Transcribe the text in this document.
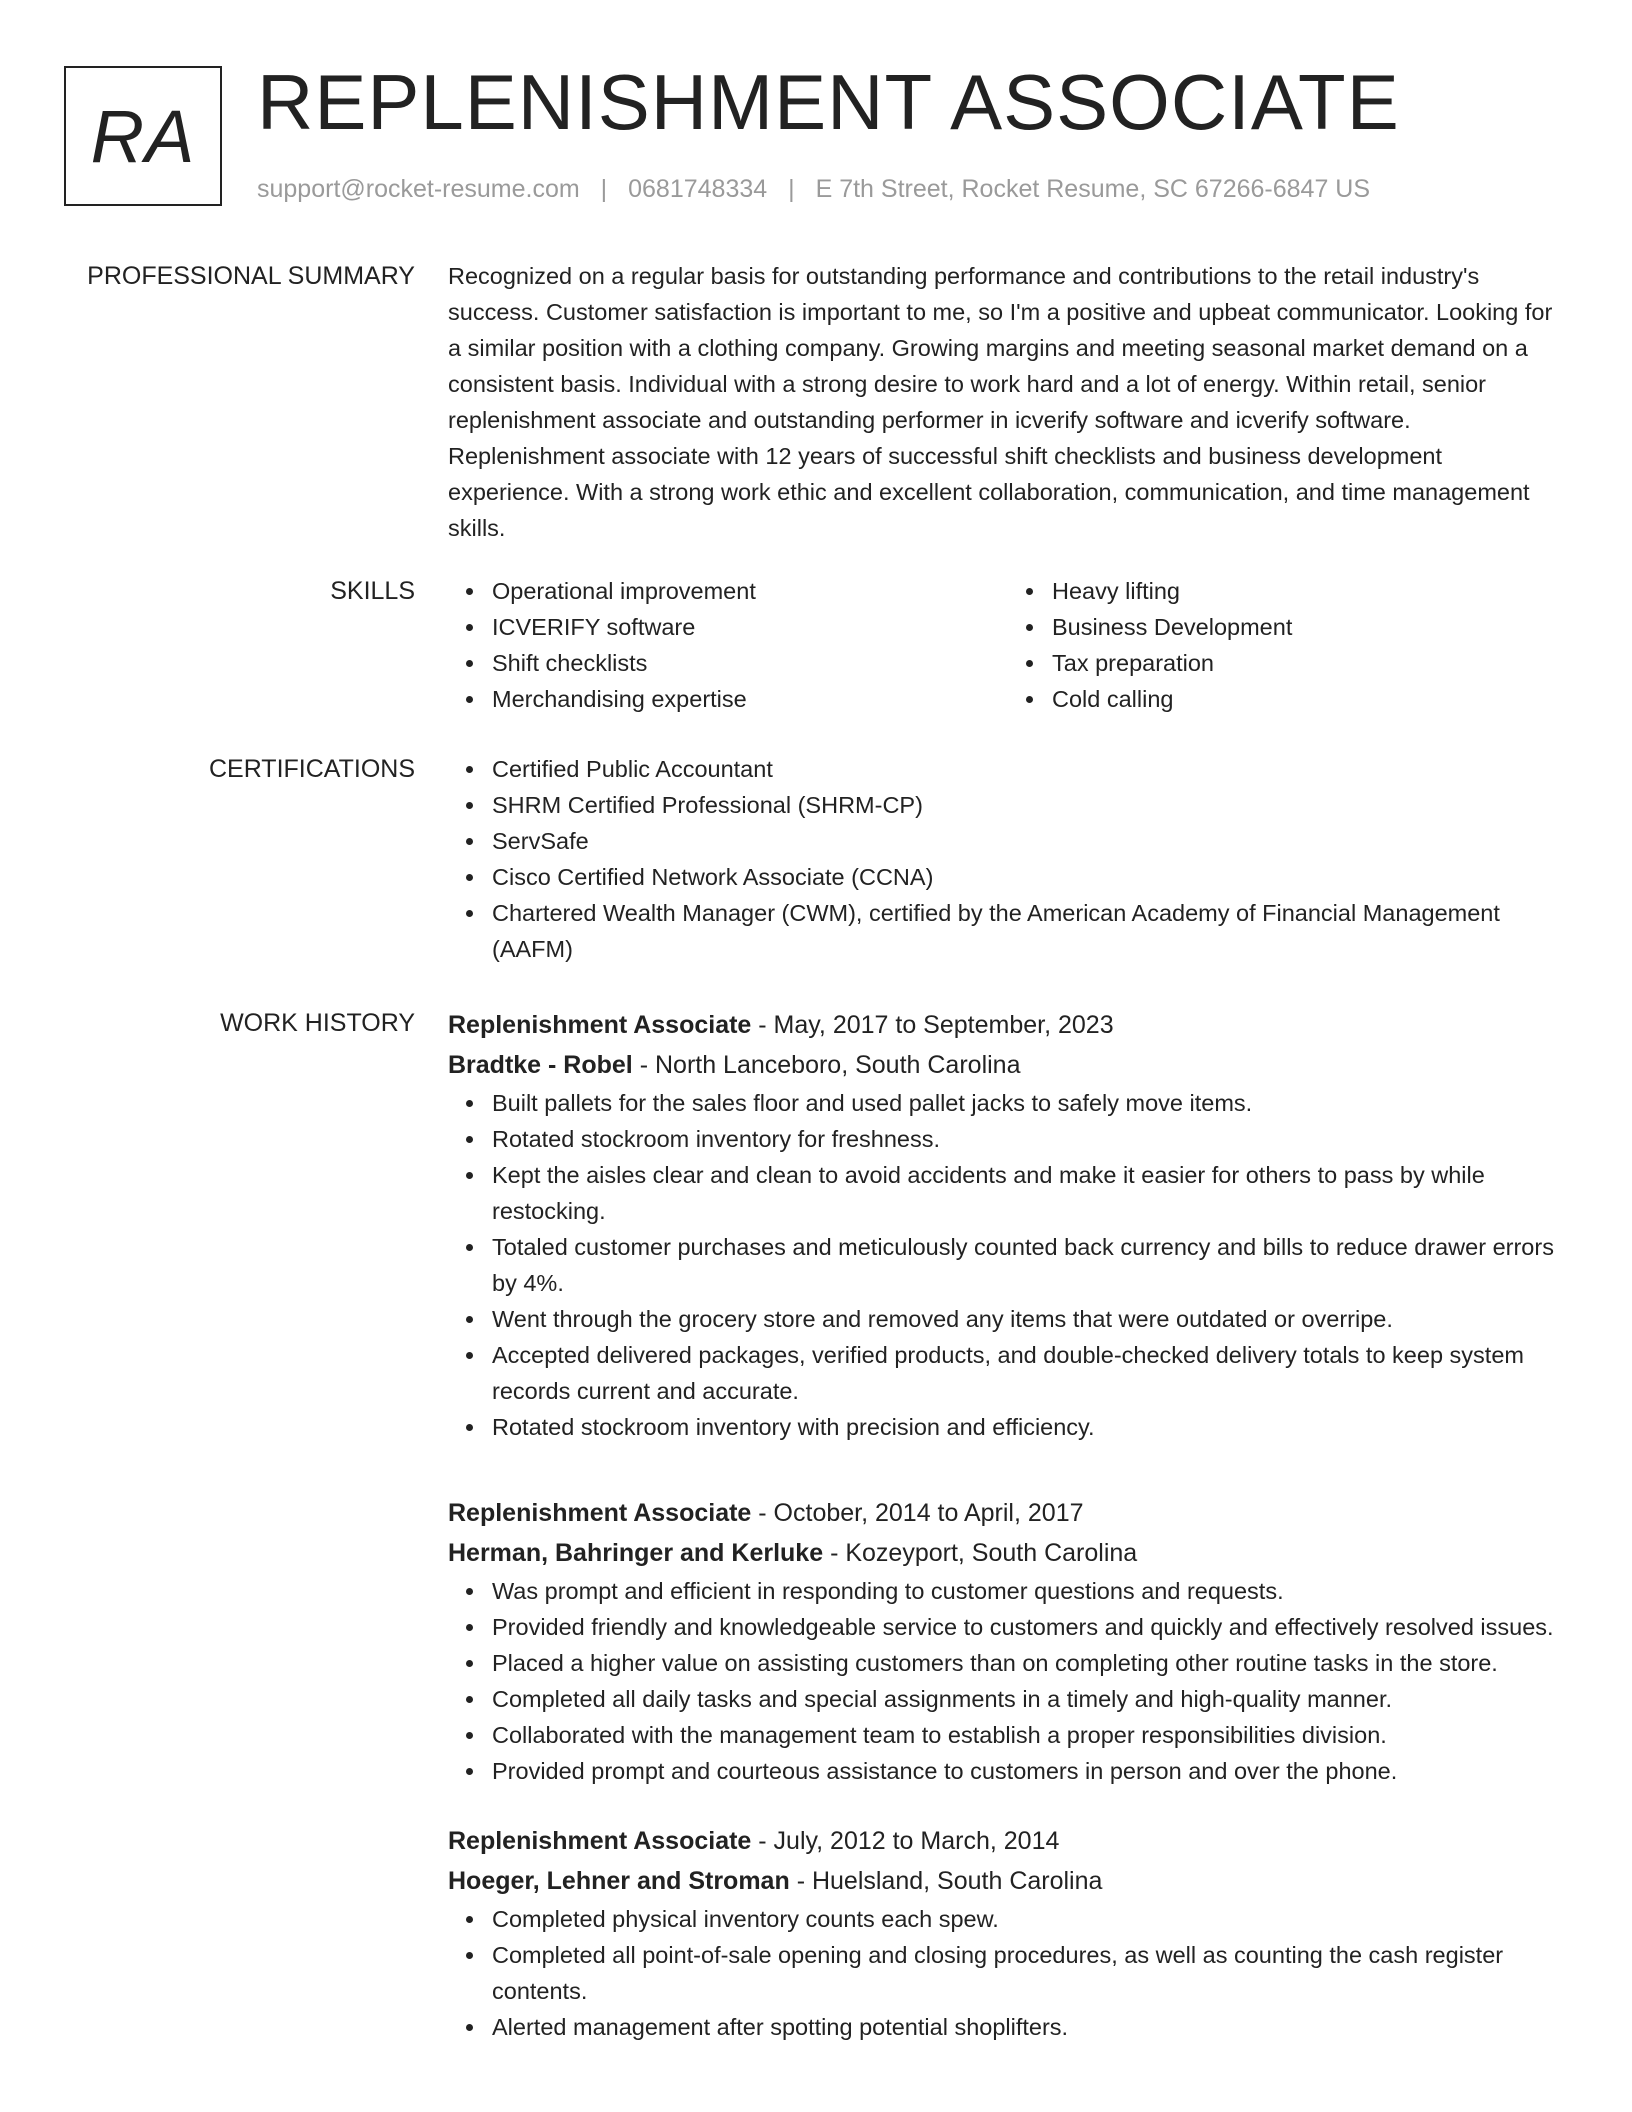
RA REPLENISHMENT ASSOCIATE
support@rocket-resume.com | 0681748334 | E 7th Street, Rocket Resume, SC 67266-6847 US
PROFESSIONAL SUMMARY Recognized on a regular basis for outstanding performance and contributions to the retail industry's success. Customer satisfaction is important to me, so I'm a positive and upbeat communicator. Looking for a similar position with a clothing company. Growing margins and meeting seasonal market demand on a consistent basis. Individual with a strong desire to work hard and a lot of energy. Within retail, senior replenishment associate and outstanding performer in icverify software and icverify software. Replenishment associate with 12 years of successful shift checklists and business development experience. With a strong work ethic and excellent collaboration, communication, and time management skills.

SKILLS	Operational improvement
ICVERIFY software
Shift checklists
Merchandising expertise
Heavy lifting
Business Development
Tax preparation
Cold calling
CERTIFICATIONS	Certified Public Accountant
SHRM Certified Professional (SHRM-CP)
ServSafe
Cisco Certified Network Associate (CCNA)
Chartered Wealth Manager (CWM), certified by the American Academy of Financial Management (AAFM)
WORK HISTORY Replenishment Associate - May, 2017 to September, 2023
Bradtke - Robel - North Lanceboro, South Carolina
Built pallets for the sales floor and used pallet jacks to safely move items.
Rotated stockroom inventory for freshness.
Kept the aisles clear and clean to avoid accidents and make it easier for others to pass by while restocking.
Totaled customer purchases and meticulously counted back currency and bills to reduce drawer errors by 4%.
Went through the grocery store and removed any items that were outdated or overripe.
Accepted delivered packages, verified products, and double-checked delivery totals to keep system records current and accurate.
Rotated stockroom inventory with precision and efficiency.
Replenishment Associate - October, 2014 to April, 2017
Herman, Bahringer and Kerluke - Kozeyport, South Carolina
Was prompt and efficient in responding to customer questions and requests.
Provided friendly and knowledgeable service to customers and quickly and effectively resolved issues.
Placed a higher value on assisting customers than on completing other routine tasks in the store.
Completed all daily tasks and special assignments in a timely and high-quality manner.
Collaborated with the management team to establish a proper responsibilities division.
Provided prompt and courteous assistance to customers in person and over the phone.
Replenishment Associate - July, 2012 to March, 2014
Hoeger, Lehner and Stroman - Huelsland, South Carolina
Completed physical inventory counts each spew.
Completed all point-of-sale opening and closing procedures, as well as counting the cash register contents.
Alerted management after spotting potential shoplifters.
